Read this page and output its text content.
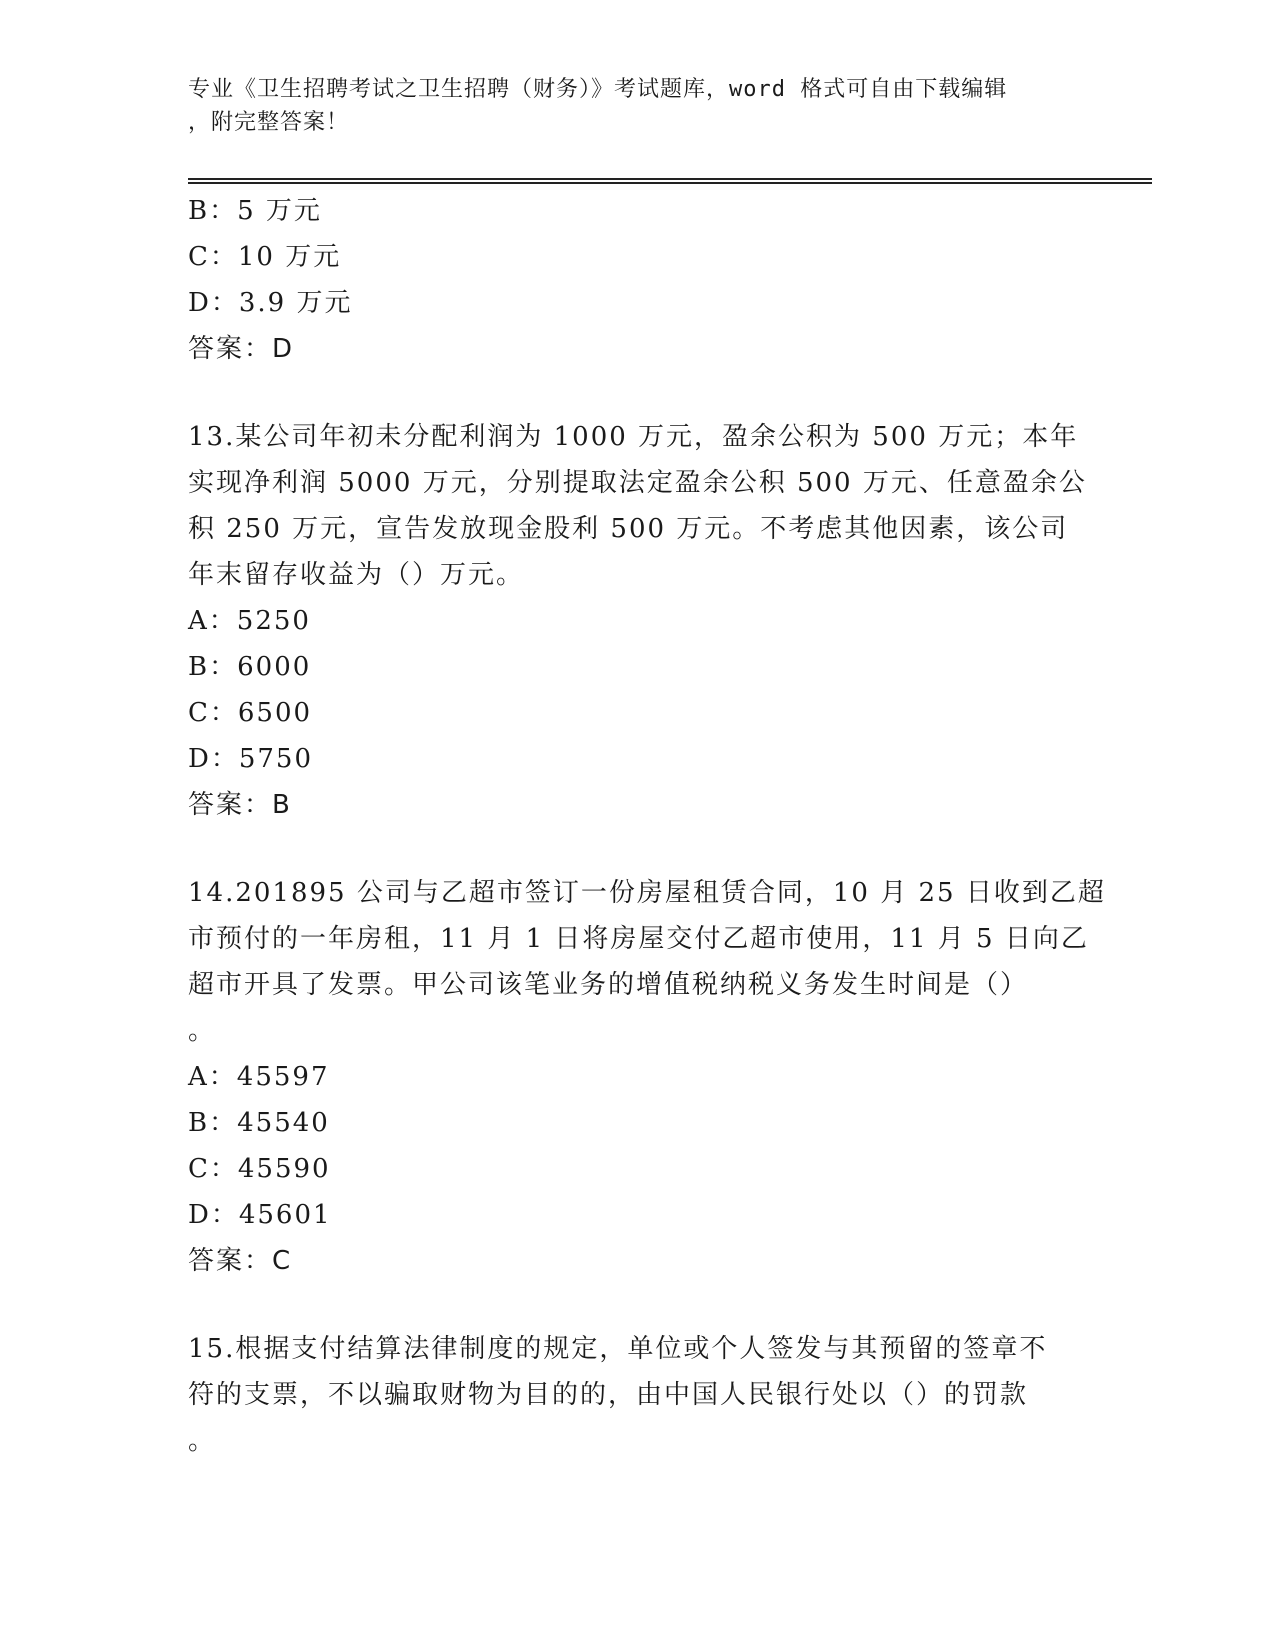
专业《卫生招聘考试之卫生招聘（财务）》考试题库，word 格式可自由下载编辑
，附完整答案！
B：5 万元
C：10 万元
D：3.9 万元
答案：D
13.某公司年初未分配利润为 1000 万元，盈余公积为 500 万元；本年
实现净利润 5000 万元，分别提取法定盈余公积 500 万元、任意盈余公
积 250 万元，宣告发放现金股利 500 万元。不考虑其他因素，该公司
年末留存收益为（）万元。
A：5250
B：6000
C：6500
D：5750
答案：B
14.201895 公司与乙超市签订一份房屋租赁合同，10 月 25 日收到乙超
市预付的一年房租，11 月 1 日将房屋交付乙超市使用，11 月 5 日向乙
超市开具了发票。甲公司该笔业务的增值税纳税义务发生时间是（）
。
A：45597
B：45540
C：45590
D：45601
答案：C
15.根据支付结算法律制度的规定，单位或个人签发与其预留的签章不
符的支票，不以骗取财物为目的的，由中国人民银行处以（）的罚款
。
